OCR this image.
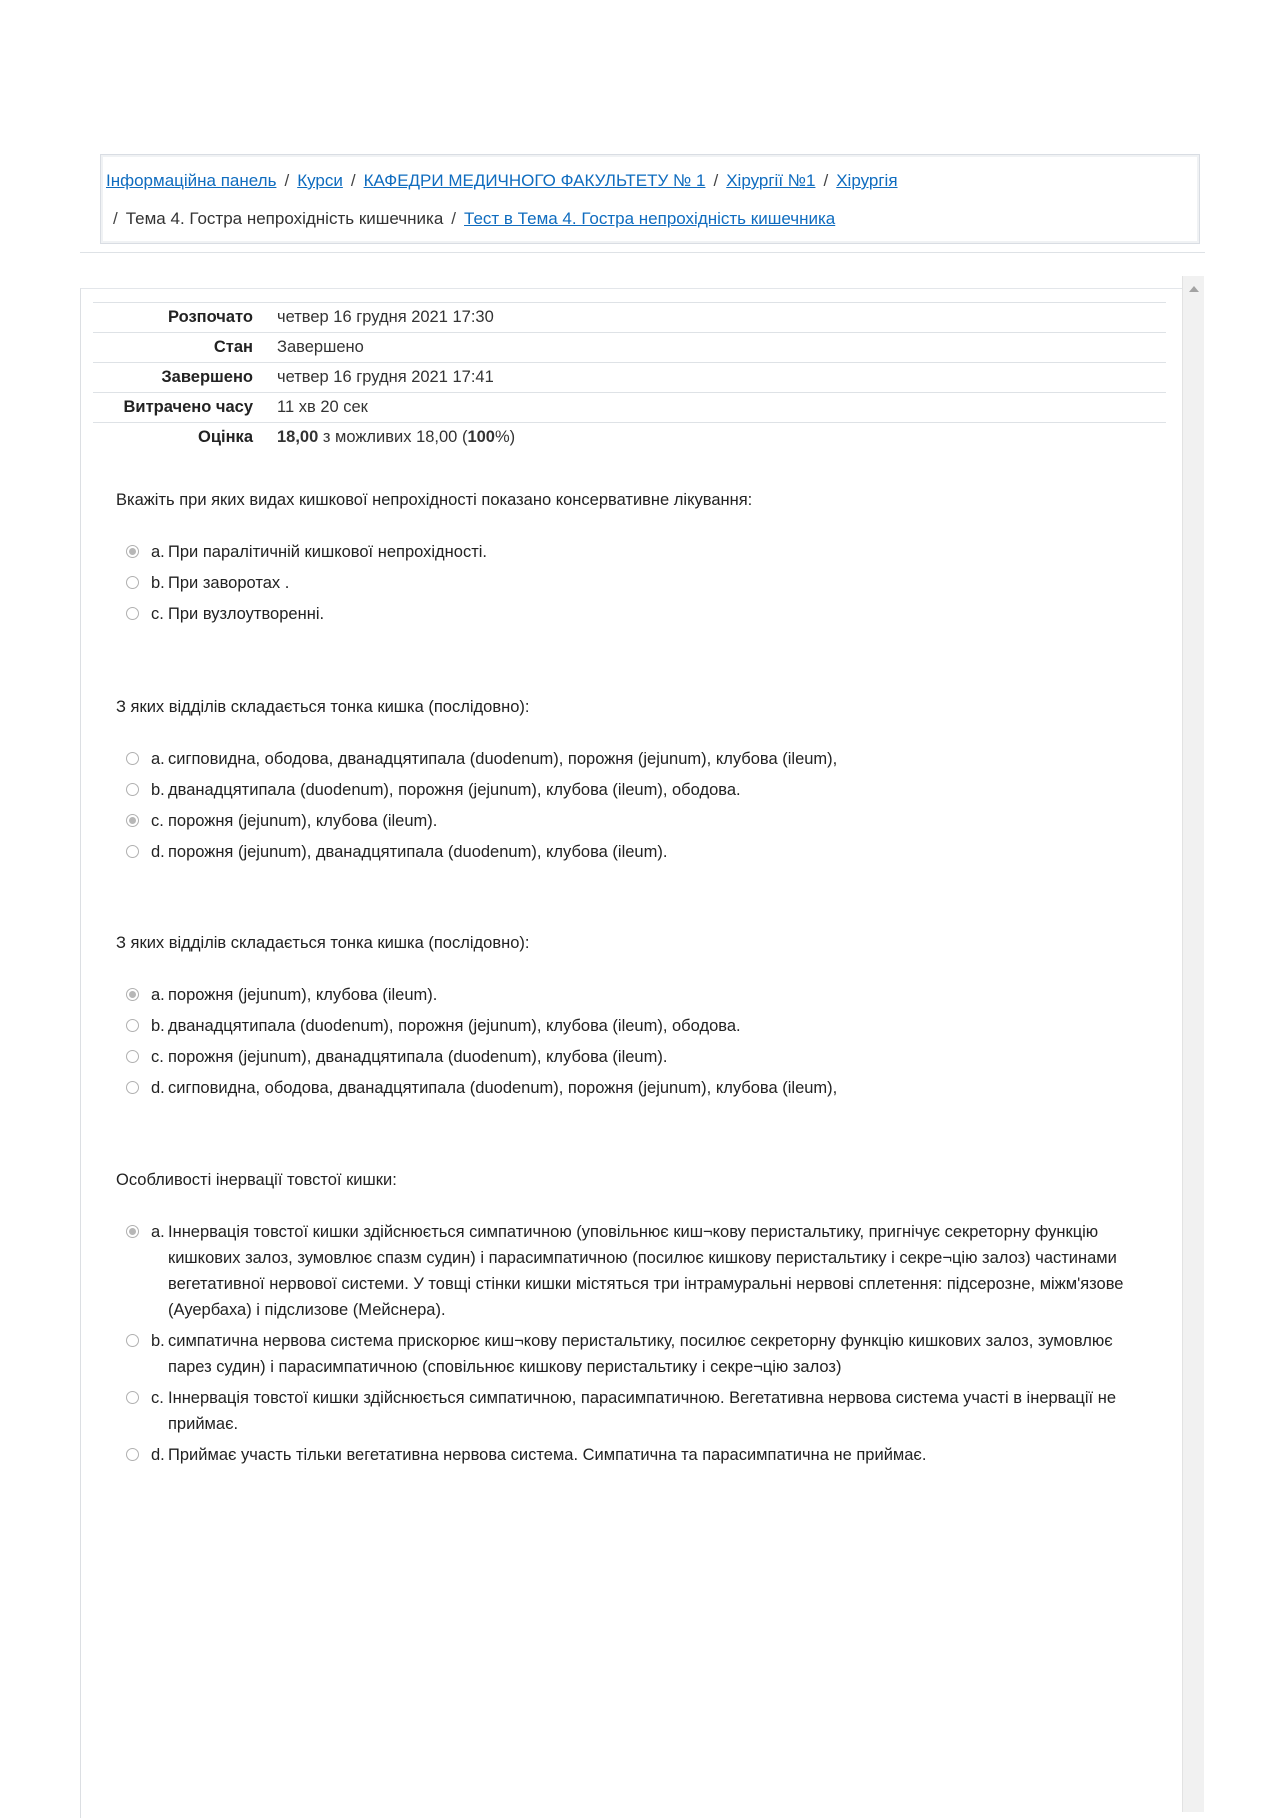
Інформаційна панель / Курси / КАФЕДРИ МЕДИЧНОГО ФАКУЛЬТЕТУ № 1 / Хірургії №1 / Хірургія
/ Тема 4. Гостра непрохідність кишечника / Тест в Тема 4. Гостра непрохідність кишечника
Розпочато четвер 16 грудня 2021 17:30
Стан Завершено
Завершено четвер 16 грудня 2021 17:41
Витрачено часу 11 хв 20 сек
Оцінка 18,00 з можливих 18,00 (100%)
Вкажіть при яких видах кишкової непрохідності показано консервативне лікування:
a. При паралітичній кишкової непрохідності.
b. При заворотах .
c. При вузлоутворенні.
З яких відділів складається тонка кишка (послідовно):
a. сигповидна, ободова, дванадцятипала (duodenum), порожня (jejunum), клубова (ileum),
b. дванадцятипала (duodenum), порожня (jejunum), клубова (ileum), ободова.
c. порожня (jejunum), клубова (ileum).
d. порожня (jejunum), дванадцятипала (duodenum), клубова (ileum).
З яких відділів складається тонка кишка (послідовно):
a. порожня (jejunum), клубова (ileum).
b. дванадцятипала (duodenum), порожня (jejunum), клубова (ileum), ободова.
c. порожня (jejunum), дванадцятипала (duodenum), клубова (ileum).
d. сигповидна, ободова, дванадцятипала (duodenum), порожня (jejunum), клубова (ileum),
Особливості інервації товстої кишки:
a. Іннервація товстої кишки здійснюється симпатичною (уповільнює киш¬кову перистальтику, пригнічує секреторну функцію кишкових залоз, зумовлює спазм судин) і парасимпатичною (посилює кишкову перистальтику і секре¬цію залоз) частинами вегетативної нервової системи. У товщі стінки кишки містяться три інтрамуральні нервові сплетення: підсерозне, міжм'язове (Ауербаха) і підслизове (Мейснера).
b. симпатична нервова система прискорює киш¬кову перистальтику, посилює секреторну функцію кишкових залоз, зумовлює парез судин) і парасимпатичною (сповільнює кишкову перистальтику і секре¬цію залоз)
c. Іннервація товстої кишки здійснюється симпатичною, парасимпатичною. Вегетативна нервова система участі в інервації не приймає.
d. Приймає участь тільки вегетативна нервова система. Симпатична та парасимпатична не приймає.
